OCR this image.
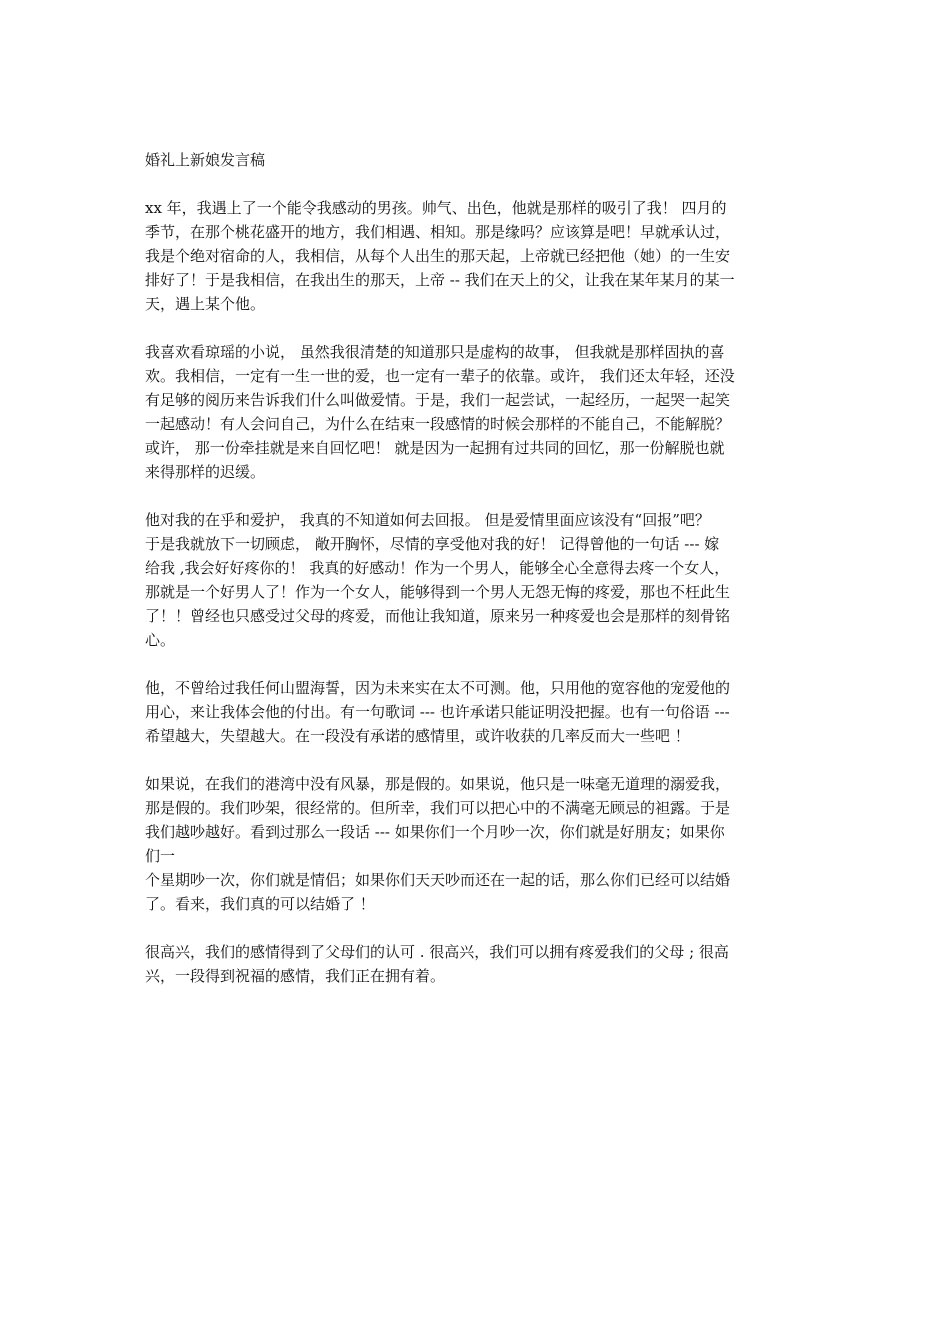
婚礼上新娘发言稿
xx 年，我遇上了一个能令我感动的男孩。帅气、出色，他就是那样的吸引了我！ 四月的
季节，在那个桃花盛开的地方，我们相遇、相知。那是缘吗？应该算是吧！早就承认过，
我是个绝对宿命的人，我相信，从每个人出生的那天起，上帝就已经把他（她）的一生安
排好了！于是我相信，在我出生的那天，上帝 -- 我们在天上的父，让我在某年某月的某一
天，遇上某个他。
我喜欢看琼瑶的小说， 虽然我很清楚的知道那只是虚构的故事， 但我就是那样固执的喜
欢。我相信，一定有一生一世的爱，也一定有一辈子的依靠。或许， 我们还太年轻，还没
有足够的阅历来告诉我们什么叫做爱情。于是，我们一起尝试，一起经历，一起哭一起笑
一起感动！有人会问自己，为什么在结束一段感情的时候会那样的不能自己，不能解脱？
或许， 那一份牵挂就是来自回忆吧！ 就是因为一起拥有过共同的回忆，那一份解脱也就
来得那样的迟缓。
他对我的在乎和爱护， 我真的不知道如何去回报。 但是爱情里面应该没有“回报”吧？
于是我就放下一切顾虑， 敞开胸怀，尽情的享受他对我的好！ 记得曾他的一句话 --- 嫁
给我 ,我会好好疼你的！ 我真的好感动！作为一个男人，能够全心全意得去疼一个女人，
那就是一个好男人了！作为一个女人，能够得到一个男人无怨无悔的疼爱，那也不枉此生
了！！曾经也只感受过父母的疼爱，而他让我知道，原来另一种疼爱也会是那样的刻骨铭
心。
他，不曾给过我任何山盟海誓，因为未来实在太不可测。他，只用他的宽容他的宠爱他的
用心，来让我体会他的付出。有一句歌词 --- 也许承诺只能证明没把握。也有一句俗语 ---
希望越大，失望越大。在一段没有承诺的感情里，或许收获的几率反而大一些吧 ！
如果说，在我们的港湾中没有风暴，那是假的。如果说，他只是一味毫无道理的溺爱我，
那是假的。我们吵架，很经常的。但所幸，我们可以把心中的不满毫无顾忌的袒露。于是
我们越吵越好。看到过那么一段话 --- 如果你们一个月吵一次，你们就是好朋友；如果你
们一
个星期吵一次，你们就是情侣；如果你们天天吵而还在一起的话，那么你们已经可以结婚
了。看来，我们真的可以结婚了 ！
很高兴，我们的感情得到了父母们的认可 . 很高兴，我们可以拥有疼爱我们的父母 ; 很高
兴，一段得到祝福的感情，我们正在拥有着。
